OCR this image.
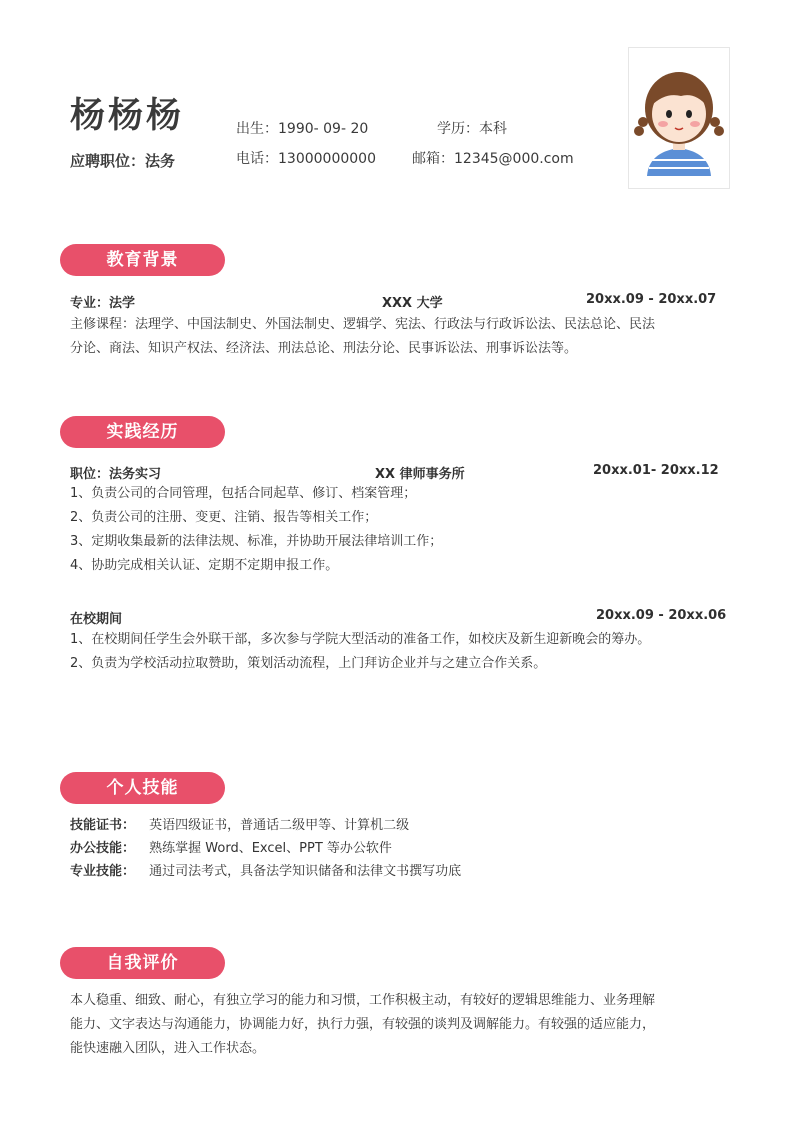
杨杨杨
应聘职位：法务
出生：1990- 09- 20	学历：本科
电话：13000000000	邮箱：12345@000.com
教育背景
专业：法学	XXX 大学	20xx.09 - 20xx.07
主修课程：法理学、中国法制史、外国法制史、逻辑学、宪法、行政法与行政诉讼法、民法总论、民法
分论、商法、知识产权法、经济法、刑法总论、刑法分论、民事诉讼法、刑事诉讼法等。
实践经历
职位：法务实习	XX 律师事务所	20xx.01- 20xx.12
1、负责公司的合同管理，包括合同起草、修订、档案管理；
2、负责公司的注册、变更、注销、报告等相关工作；
3、定期收集最新的法律法规、标准，并协助开展法律培训工作；
4、协助完成相关认证、定期不定期申报工作。
在校期间	20xx.09 - 20xx.06
1、在校期间任学生会外联干部，多次参与学院大型活动的准备工作，如校庆及新生迎新晚会的筹办。
2、负责为学校活动拉取赞助，策划活动流程，上门拜访企业并与之建立合作关系。
个人技能
技能证书： 英语四级证书，普通话二级甲等、计算机二级
办公技能： 熟练掌握 Word、Excel、PPT 等办公软件
专业技能： 通过司法考式，具备法学知识储备和法律文书撰写功底
自我评价
本人稳重、细致、耐心，有独立学习的能力和习惯，工作积极主动，有较好的逻辑思维能力、业务理解
能力、文字表达与沟通能力，协调能力好，执行力强，有较强的谈判及调解能力。有较强的适应能力，
能快速融入团队，进入工作状态。
